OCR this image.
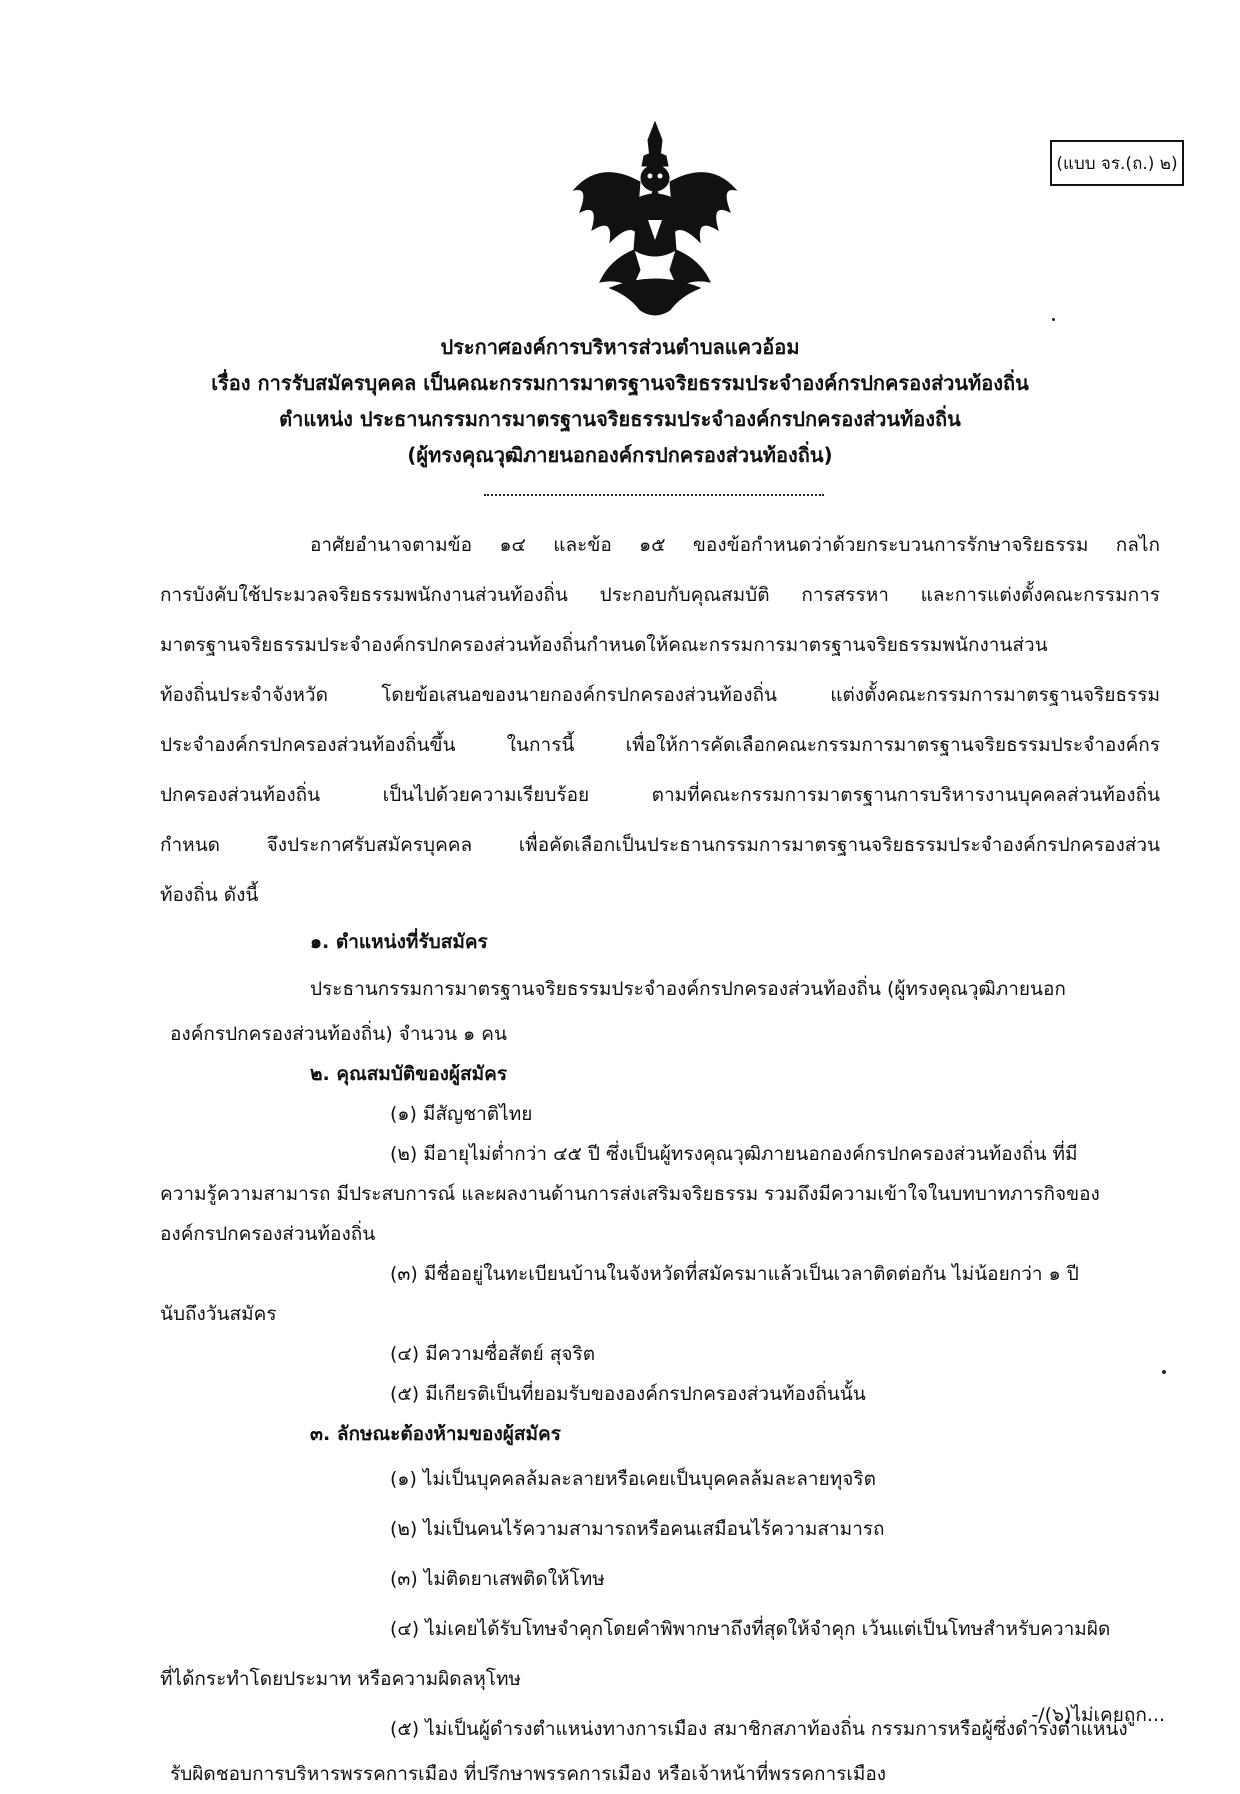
(แบบ จร.(ถ.) ๒)
ประกาศองค์การบริหารส่วนตำบลแควอ้อม
เรื่อง การรับสมัครบุคคล เป็นคณะกรรมการมาตรฐานจริยธรรมประจำองค์กรปกครองส่วนท้องถิ่น
ตำแหน่ง ประธานกรรมการมาตรฐานจริยธรรมประจำองค์กรปกครองส่วนท้องถิ่น
(ผู้ทรงคุณวุฒิภายนอกองค์กรปกครองส่วนท้องถิ่น)

อาศัยอำนาจตามข้อ ๑๔ และข้อ ๑๕ ของข้อกำหนดว่าด้วยกระบวนการรักษาจริยธรรม กลไก

การบังคับใช้ประมวลจริยธรรมพนักงานส่วนท้องถิ่น ประกอบกับคุณสมบัติ การสรรหา และการแต่งตั้งคณะกรรมการ

มาตรฐานจริยธรรมประจำองค์กรปกครองส่วนท้องถิ่นกำหนดให้คณะกรรมการมาตรฐานจริยธรรมพนักงานส่วน

ท้องถิ่นประจำจังหวัด โดยข้อเสนอของนายกองค์กรปกครองส่วนท้องถิ่น แต่งตั้งคณะกรรมการมาตรฐานจริยธรรม

ประจำองค์กรปกครองส่วนท้องถิ่นขึ้น ในการนี้ เพื่อให้การคัดเลือกคณะกรรมการมาตรฐานจริยธรรมประจำองค์กร

ปกครองส่วนท้องถิ่น เป็นไปด้วยความเรียบร้อย ตามที่คณะกรรมการมาตรฐานการบริหารงานบุคคลส่วนท้องถิ่น

กำหนด จึงประกาศรับสมัครบุคคล เพื่อคัดเลือกเป็นประธานกรรมการมาตรฐานจริยธรรมประจำองค์กรปกครองส่วน

ท้องถิ่น ดังนี้

๑. ตำแหน่งที่รับสมัคร

ประธานกรรมการมาตรฐานจริยธรรมประจำองค์กรปกครองส่วนท้องถิ่น (ผู้ทรงคุณวุฒิภายนอก

องค์กรปกครองส่วนท้องถิ่น) จำนวน ๑ คน

๒. คุณสมบัติของผู้สมัคร

(๑) มีสัญชาติไทย

(๒) มีอายุไม่ต่ำกว่า ๔๕ ปี ซึ่งเป็นผู้ทรงคุณวุฒิภายนอกองค์กรปกครองส่วนท้องถิ่น ที่มี

ความรู้ความสามารถ มีประสบการณ์ และผลงานด้านการส่งเสริมจริยธรรม รวมถึงมีความเข้าใจในบทบาทภารกิจของ

องค์กรปกครองส่วนท้องถิ่น

(๓) มีชื่ออยู่ในทะเบียนบ้านในจังหวัดที่สมัครมาแล้วเป็นเวลาติดต่อกัน ไม่น้อยกว่า ๑ ปี

นับถึงวันสมัคร

(๔) มีความซื่อสัตย์ สุจริต

(๕) มีเกียรติเป็นที่ยอมรับขององค์กรปกครองส่วนท้องถิ่นนั้น

๓. ลักษณะต้องห้ามของผู้สมัคร

(๑) ไม่เป็นบุคคลล้มละลายหรือเคยเป็นบุคคลล้มละลายทุจริต

(๒) ไม่เป็นคนไร้ความสามารถหรือคนเสมือนไร้ความสามารถ

(๓) ไม่ติดยาเสพติดให้โทษ

(๔) ไม่เคยได้รับโทษจำคุกโดยคำพิพากษาถึงที่สุดให้จำคุก เว้นแต่เป็นโทษสำหรับความผิด

ที่ได้กระทำโดยประมาท หรือความผิดลหุโทษ

(๕) ไม่เป็นผู้ดำรงตำแหน่งทางการเมือง สมาชิกสภาท้องถิ่น กรรมการหรือผู้ซึ่งดำรงตำแหน่ง

รับผิดชอบการบริหารพรรคการเมือง ที่ปรึกษาพรรคการเมือง หรือเจ้าหน้าที่พรรคการเมือง

-/(๖)ไม่เคยถูก...
